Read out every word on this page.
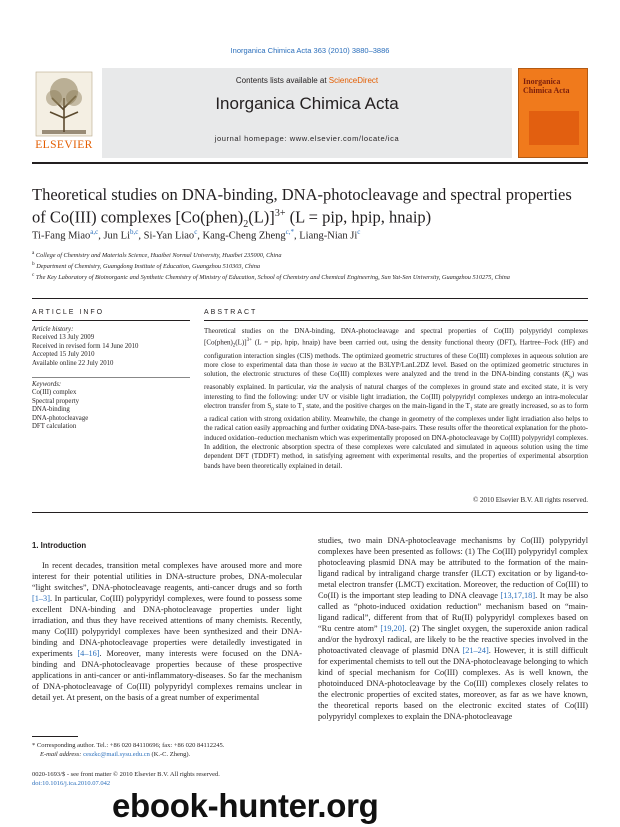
Inorganica Chimica Acta 363 (2010) 3880–3886
ELSEVIER
Contents lists available at ScienceDirect
Inorganica Chimica Acta
journal homepage: www.elsevier.com/locate/ica
Inorganica Chimica Acta
Theoretical studies on DNA-binding, DNA-photocleavage and spectral properties
of Co(III) complexes $[Co(phen)_2(L)]^{3+}$ (L = pip, hpip, hnaip)
Ti-Fang Miao$^{a,c}$, Jun Li$^{b,c}$, Si-Yan Liao$^c$, Kang-Cheng Zheng$^{c,*}$, Liang-Nian Ji$^c$
$^a$ College of Chemistry and Materials Science, Huaibei Normal University, Huaibei 235000, China
$^b$ Department of Chemistry, Guangdong Institute of Education, Guangzhou 510303, China
$^c$ The Key Laboratory of Bioinorganic and Synthetic Chemistry of Ministry of Education, School of Chemistry and Chemical Engineering, Sun Yat-Sen University, Guangzhou 510275, China
ARTICLE INFO
Article history:
Received 13 July 2009
Received in revised form 14 June 2010
Accepted 15 July 2010
Available online 22 July 2010
Keywords:
Co(III) complex
Spectral property
DNA-binding
DNA-photocleavage
DFT calculation
ABSTRACT
Theoretical studies on the DNA-binding, DNA-photocleavage and spectral properties of Co(III) polypyridyl complexes $[Co(phen)_2(L)]^{3+}$ (L = pip, hpip, hnaip) have been carried out, using the density functional theory (DFT), Hartree–Fock (HF) and configuration interaction singles (CIS) methods. The optimized geometric structures of these Co(III) complexes in aqueous solution are more close to experimental data than those in vacuo at the B3LYP/LanL2DZ level. Based on the optimized geometric structures in solution, the electronic structures of these Co(III) complexes were analyzed and the trend in the DNA-binding constants $(K_b)$ was reasonably explained. In particular, via the analysis of natural charges of the complexes in ground state and excited state, it is very interesting to find the following: under UV or visible light irradiation, the Co(III) polypyridyl complexes undergo an intra-molecular electron transfer from $S_0$ state to $T_1$ state, and the positive charges on the main-ligand in the $T_1$ state are greatly increased, so as to form a radical cation with strong oxidation ability. Meanwhile, the change in geometry of the complexes under light irradiation also helps to the radical cation easily approaching and further oxidating DNA-base-pairs. These results offer the theoretical explanation for the photo-induced oxidation–reduction mechanism which was experimentally proposed on DNA-photocleavage by Co(III) polypyridyl complexes. In addition, the electronic absorption spectra of these complexes were calculated and simulated in aqueous solution using the time dependent DFT (TDDFT) method, in satisfying agreement with experimental results, and the properties of experimental absorption bands have been theoretically explained in detail.
© 2010 Elsevier B.V. All rights reserved.
1. Introduction
In recent decades, transition metal complexes have aroused more and more interest for their potential utilities in DNA-structure probes, DNA-molecular “light switches”, DNA-photocleavage reagents, anti-cancer drugs and so forth [1–3]. In particular, Co(III) polypyridyl complexes, were found to possess some excellent DNA-binding and DNA-photocleavage properties under light irradiation, and thus they have received attentions of many chemists. Recently, many Co(III) polypyridyl complexes have been synthesized and their DNA-binding and DNA-photocleavage properties were detailedly investigated in experiments [4–16]. Moreover, many interests were focused on the DNA-binding and DNA-photocleavage properties because of these prospective applications in anti-cancer or anti-inflammatory-diseases. So far the mechanism of DNA-photocleavage of Co(III) polypyridyl complexes remains unclear in detail yet. At present, on the basis of a great number of experimental
studies, two main DNA-photocleavage mechanisms by Co(III) polypyridyl complexes have been presented as follows: (1) The Co(III) polypyridyl complex photocleaving plasmid DNA may be attributed to the formation of the main-ligand radical by intraligand charge transfer (ILCT) excitation or by ligand-to-metal electron transfer (LMCT) excitation. Moreover, the reduction of Co(III) to Co(II) is the important step leading to DNA cleavage [13,17,18]. It may be also called as “photo-induced oxidation reduction” mechanism based on “main-ligand radical”, different from that of Ru(II) polypyridyl complexes based on “Ru centre atom” [19,20]. (2) The singlet oxygen, the superoxide anion radical and/or the hydroxyl radical, are likely to be the reactive species involved in the photoactivated cleavage of plasmid DNA [21–24]. However, it is still difficult for experimental chemists to tell out the DNA-photocleavage belonging to which kind of special mechanism for Co(III) complexes. As is well known, the photoinduced DNA-photocleavage by the Co(III) complexes closely relates to the electronic properties of excited states, moreover, as far as we have known, the theoretical reports based on the electronic excited states of Co(III) polypyridyl complexes to explain the DNA-photocleavage
* Corresponding author. Tel.: +86 020 84110696; fax: +86 020 84112245.
E-mail address: ceszkc@mail.sysu.edu.cn (K.-C. Zheng).
0020-1693/$ - see front matter © 2010 Elsevier B.V. All rights reserved.
doi:10.1016/j.ica.2010.07.042
ebook-hunter.org
